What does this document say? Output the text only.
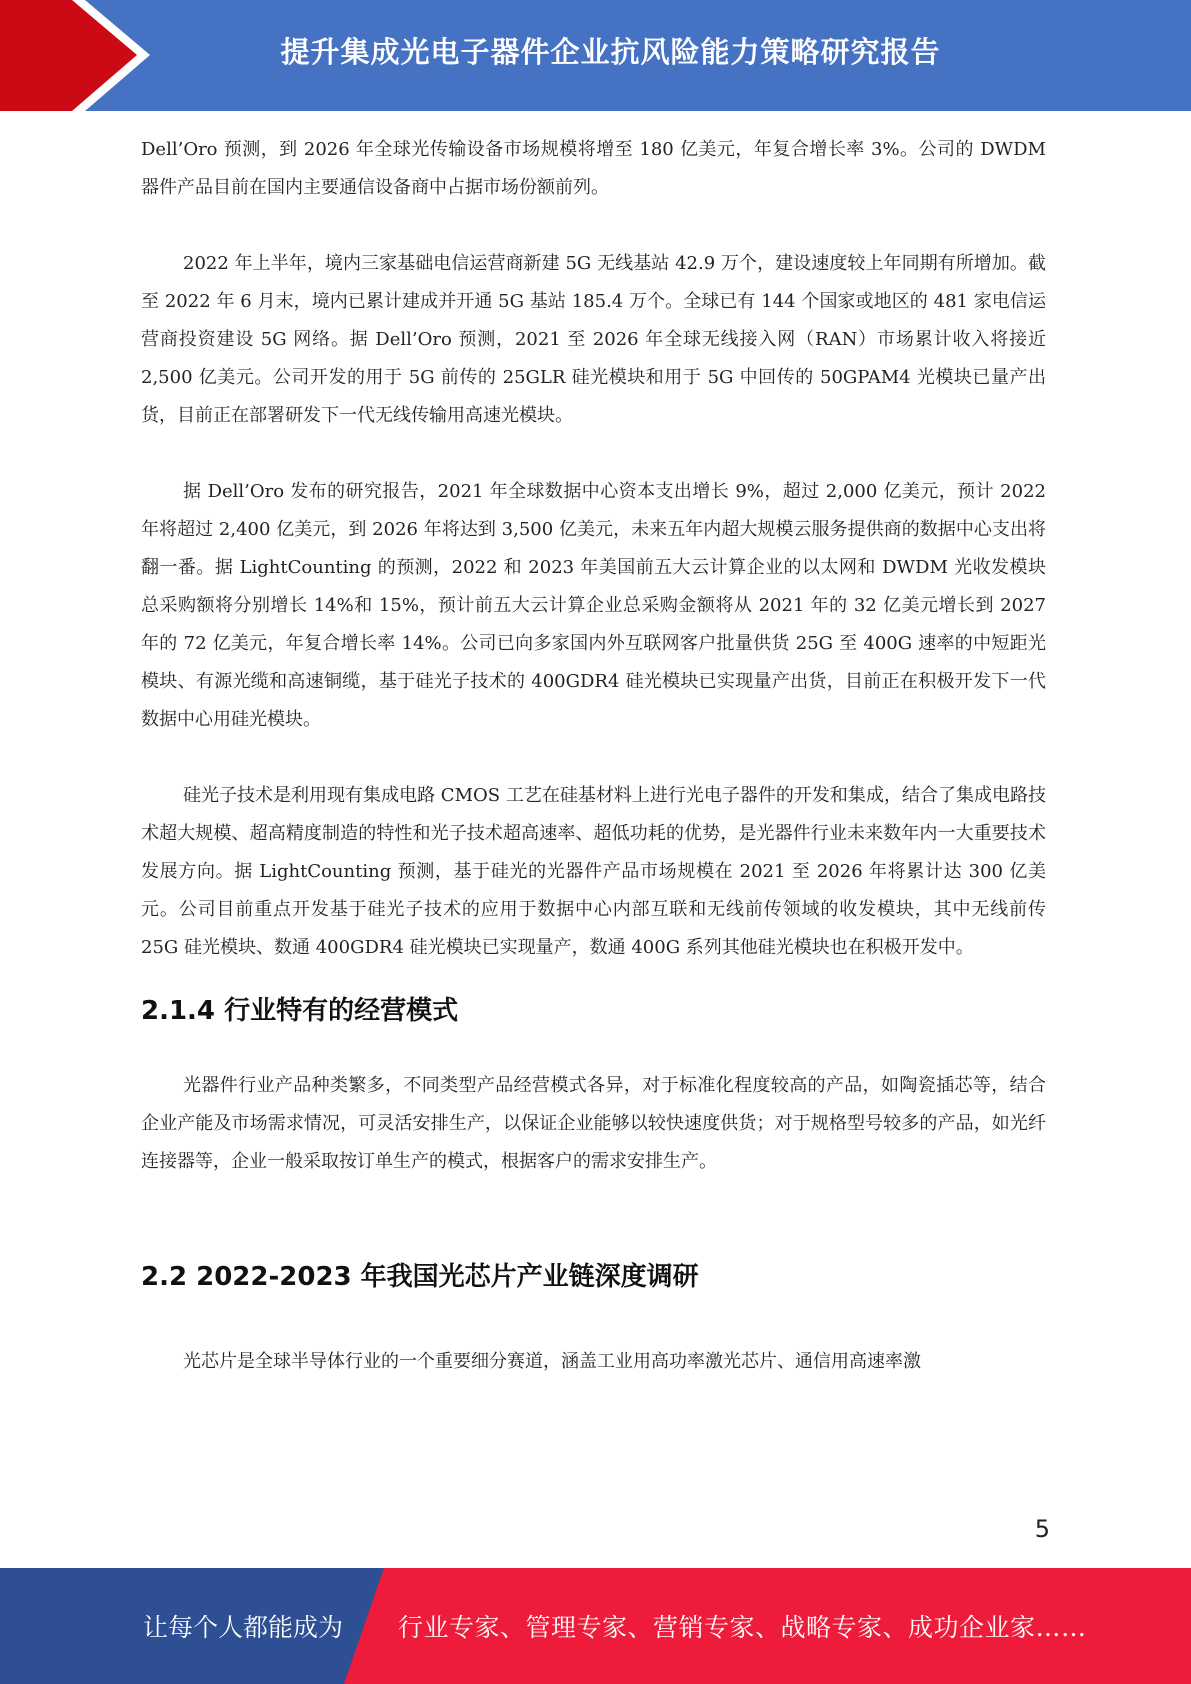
提升集成光电子器件企业抗风险能力策略研究报告

Dell’Oro 预测，到 2026 年全球光传输设备市场规模将增至 180 亿美元，年复合增长率 3%。公司的 DWDM 器件产品目前在国内主要通信设备商中占据市场份额前列。

2022 年上半年，境内三家基础电信运营商新建 5G 无线基站 42.9 万个，建设速度较上年同期有所增加。截至 2022 年 6 月末，境内已累计建成并开通 5G 基站 185.4 万个。全球已有 144 个国家或地区的 481 家电信运营商投资建设 5G 网络。据 Dell’Oro 预测，2021 至 2026 年全球无线接入网（RAN）市场累计收入将接近 2,500 亿美元。公司开发的用于 5G 前传的 25GLR 硅光模块和用于 5G 中回传的 50GPAM4 光模块已量产出货，目前正在部署研发下一代无线传输用高速光模块。

据 Dell’Oro 发布的研究报告，2021 年全球数据中心资本支出增长 9%，超过 2,000 亿美元，预计 2022 年将超过 2,400 亿美元，到 2026 年将达到 3,500 亿美元，未来五年内超大规模云服务提供商的数据中心支出将翻一番。据 LightCounting 的预测，2022 和 2023 年美国前五大云计算企业的以太网和 DWDM 光收发模块总采购额将分别增长 14%和 15%，预计前五大云计算企业总采购金额将从 2021 年的 32 亿美元增长到 2027 年的 72 亿美元，年复合增长率 14%。公司已向多家国内外互联网客户批量供货 25G 至 400G 速率的中短距光模块、有源光缆和高速铜缆，基于硅光子技术的 400GDR4 硅光模块已实现量产出货，目前正在积极开发下一代数据中心用硅光模块。

硅光子技术是利用现有集成电路 CMOS 工艺在硅基材料上进行光电子器件的开发和集成，结合了集成电路技术超大规模、超高精度制造的特性和光子技术超高速率、超低功耗的优势，是光器件行业未来数年内一大重要技术发展方向。据 LightCounting 预测，基于硅光的光器件产品市场规模在 2021 至 2026 年将累计达 300 亿美元。公司目前重点开发基于硅光子技术的应用于数据中心内部互联和无线前传领域的收发模块，其中无线前传 25G 硅光模块、数通 400GDR4 硅光模块已实现量产，数通 400G 系列其他硅光模块也在积极开发中。

2.1.4 行业特有的经营模式

光器件行业产品种类繁多，不同类型产品经营模式各异，对于标准化程度较高的产品，如陶瓷插芯等，结合企业产能及市场需求情况，可灵活安排生产，以保证企业能够以较快速度供货；对于规格型号较多的产品，如光纤连接器等，企业一般采取按订单生产的模式，根据客户的需求安排生产。

2.2 2022-2023 年我国光芯片产业链深度调研

光芯片是全球半导体行业的一个重要细分赛道，涵盖工业用高功率激光芯片、通信用高速率激

5
让每个人都能成为 行业专家、管理专家、营销专家、战略专家、成功企业家……
